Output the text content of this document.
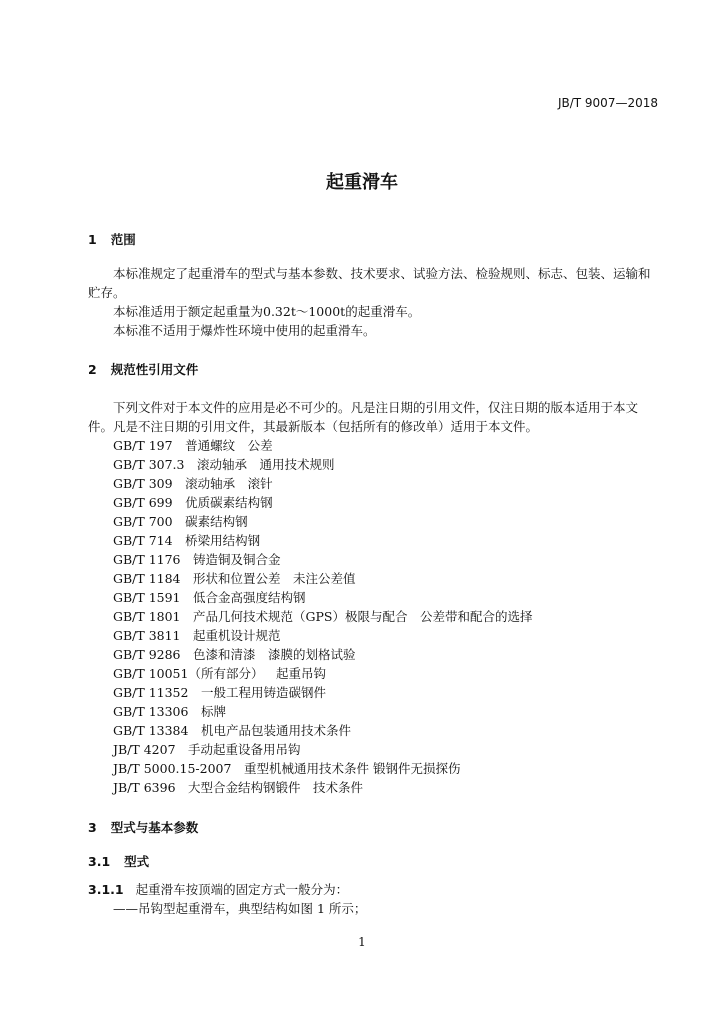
JB/T 9007—2018
起重滑车
1 范围
本标准规定了起重滑车的型式与基本参数、技术要求、试验方法、检验规则、标志、包装、运输和贮存。
本标准适用于额定起重量为0.32t～1000t的起重滑车。
本标准不适用于爆炸性环境中使用的起重滑车。
2 规范性引用文件
下列文件对于本文件的应用是必不可少的。凡是注日期的引用文件，仅注日期的版本适用于本文件。凡是不注日期的引用文件，其最新版本（包括所有的修改单）适用于本文件。
GB/T 197　 普通螺纹　公差
GB/T 307.3　 滚动轴承　通用技术规则
GB/T 309　 滚动轴承　滚针
GB/T 699　 优质碳素结构钢
GB/T 700　 碳素结构钢
GB/T 714　 桥梁用结构钢
GB/T 1176　 铸造铜及铜合金
GB/T 1184　 形状和位置公差　未注公差值
GB/T 1591　 低合金高强度结构钢
GB/T 1801　 产品几何技术规范（GPS）极限与配合　公差带和配合的选择
GB/T 3811　 起重机设计规范
GB/T 9286　 色漆和清漆　漆膜的划格试验
GB/T 10051（所有部分）　 起重吊钩
GB/T 11352　 一般工程用铸造碳钢件
GB/T 13306　 标牌
GB/T 13384　 机电产品包装通用技术条件
JB/T 4207　 手动起重设备用吊钩
JB/T 5000.15-2007　 重型机械通用技术条件 锻钢件无损探伤
JB/T 6396　 大型合金结构钢锻件　技术条件
3 型式与基本参数
3.1 型式
3.1.1 起重滑车按顶端的固定方式一般分为：
——吊钩型起重滑车，典型结构如图 1 所示；
1
